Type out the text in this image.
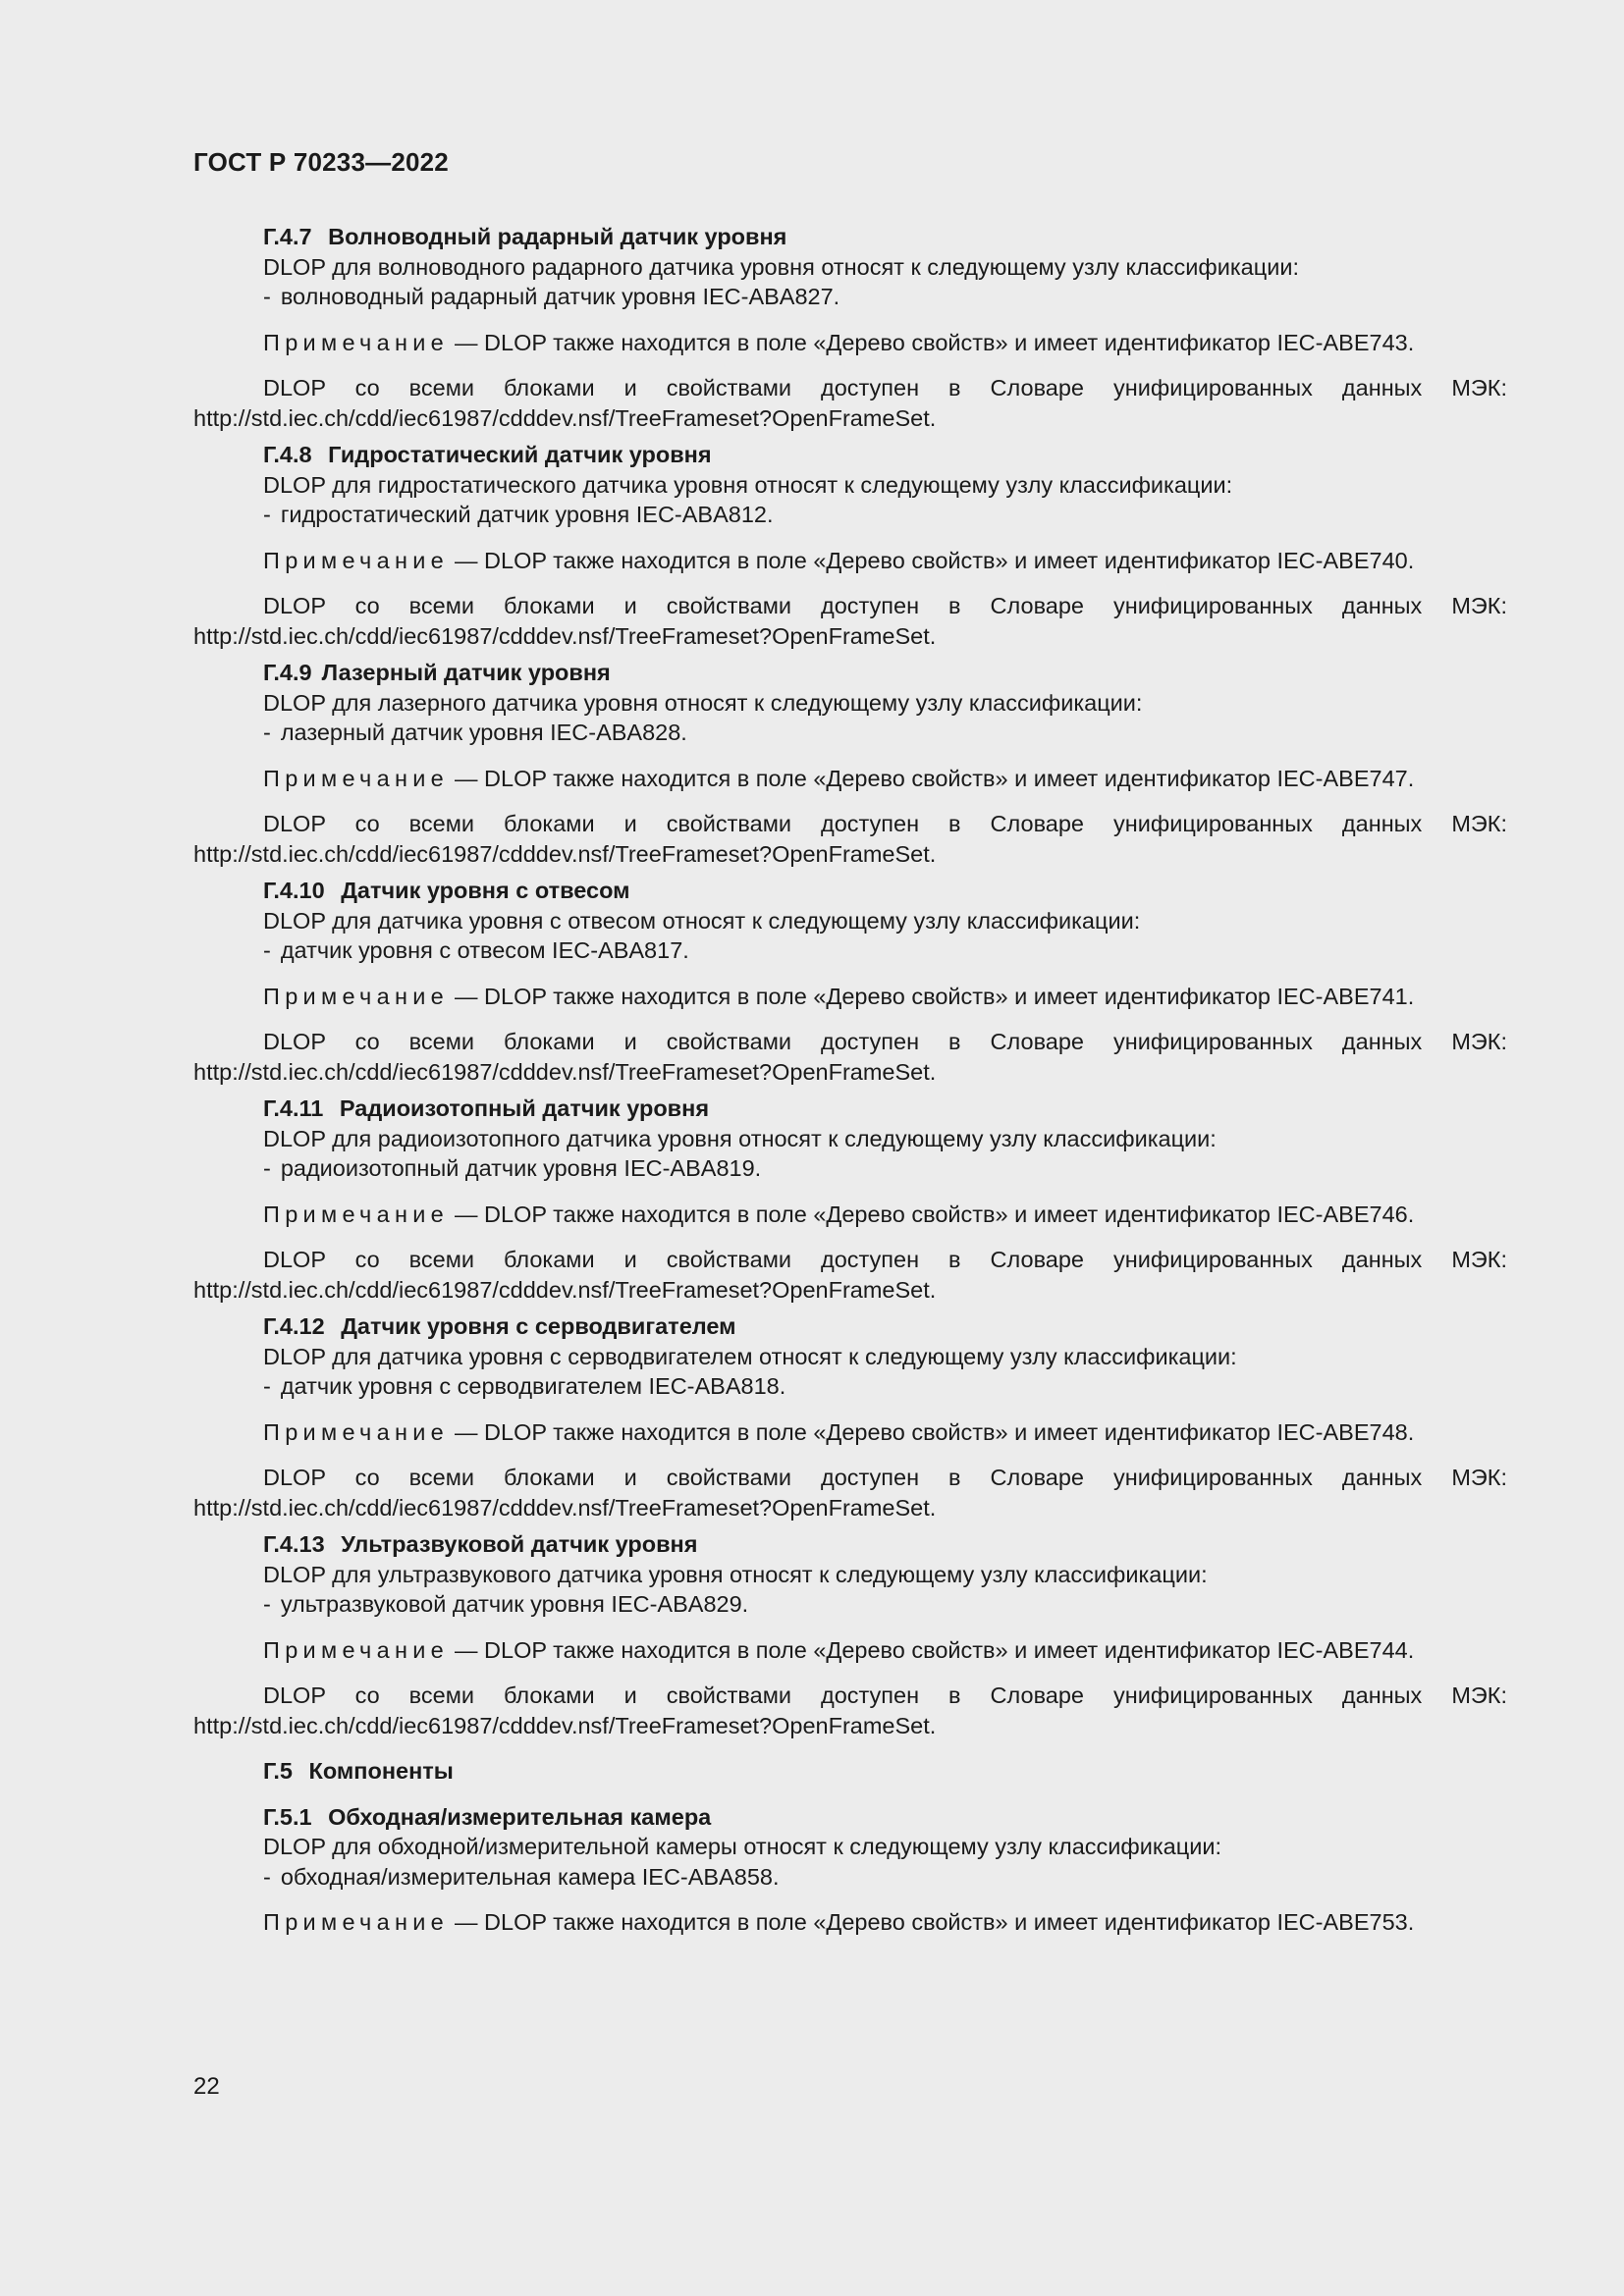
ГОСТ Р 70233—2022
Г.4.7 Волноводный радарный датчик уровня
DLOP для волноводного радарного датчика уровня относят к следующему узлу классификации:
- волноводный радарный датчик уровня IEC-ABA827.
Примечание — DLOP также находится в поле «Дерево свойств» и имеет идентификатор IEC-ABE743.
DLOP со всеми блоками и свойствами доступен в Словаре унифицированных данных МЭК: http://std.iec.ch/cdd/iec61987/cdddev.nsf/TreeFrameset?OpenFrameSet.
Г.4.8 Гидростатический датчик уровня
DLOP для гидростатического датчика уровня относят к следующему узлу классификации:
- гидростатический датчик уровня IEC-ABA812.
Примечание — DLOP также находится в поле «Дерево свойств» и имеет идентификатор IEC-ABE740.
DLOP со всеми блоками и свойствами доступен в Словаре унифицированных данных МЭК: http://std.iec.ch/cdd/iec61987/cdddev.nsf/TreeFrameset?OpenFrameSet.
Г.4.9 Лазерный датчик уровня
DLOP для лазерного датчика уровня относят к следующему узлу классификации:
- лазерный датчик уровня IEC-ABA828.
Примечание — DLOP также находится в поле «Дерево свойств» и имеет идентификатор IEC-ABE747.
DLOP со всеми блоками и свойствами доступен в Словаре унифицированных данных МЭК: http://std.iec.ch/cdd/iec61987/cdddev.nsf/TreeFrameset?OpenFrameSet.
Г.4.10 Датчик уровня с отвесом
DLOP для датчика уровня с отвесом относят к следующему узлу классификации:
- датчик уровня с отвесом IEC-ABA817.
Примечание — DLOP также находится в поле «Дерево свойств» и имеет идентификатор IEC-ABE741.
DLOP со всеми блоками и свойствами доступен в Словаре унифицированных данных МЭК: http://std.iec.ch/cdd/iec61987/cdddev.nsf/TreeFrameset?OpenFrameSet.
Г.4.11 Радиоизотопный датчик уровня
DLOP для радиоизотопного датчика уровня относят к следующему узлу классификации:
- радиоизотопный датчик уровня IEC-ABA819.
Примечание — DLOP также находится в поле «Дерево свойств» и имеет идентификатор IEC-ABE746.
DLOP со всеми блоками и свойствами доступен в Словаре унифицированных данных МЭК: http://std.iec.ch/cdd/iec61987/cdddev.nsf/TreeFrameset?OpenFrameSet.
Г.4.12 Датчик уровня с серводвигателем
DLOP для датчика уровня с серводвигателем относят к следующему узлу классификации:
- датчик уровня с серводвигателем IEC-ABA818.
Примечание — DLOP также находится в поле «Дерево свойств» и имеет идентификатор IEC-ABE748.
DLOP со всеми блоками и свойствами доступен в Словаре унифицированных данных МЭК: http://std.iec.ch/cdd/iec61987/cdddev.nsf/TreeFrameset?OpenFrameSet.
Г.4.13 Ультразвуковой датчик уровня
DLOP для ультразвукового датчика уровня относят к следующему узлу классификации:
- ультразвуковой датчик уровня IEC-ABA829.
Примечание — DLOP также находится в поле «Дерево свойств» и имеет идентификатор IEC-ABE744.
DLOP со всеми блоками и свойствами доступен в Словаре унифицированных данных МЭК: http://std.iec.ch/cdd/iec61987/cdddev.nsf/TreeFrameset?OpenFrameSet.
Г.5 Компоненты
Г.5.1 Обходная/измерительная камера
DLOP для обходной/измерительной камеры относят к следующему узлу классификации:
- обходная/измерительная камера IEC-ABA858.
Примечание — DLOP также находится в поле «Дерево свойств» и имеет идентификатор IEC-ABE753.
22
